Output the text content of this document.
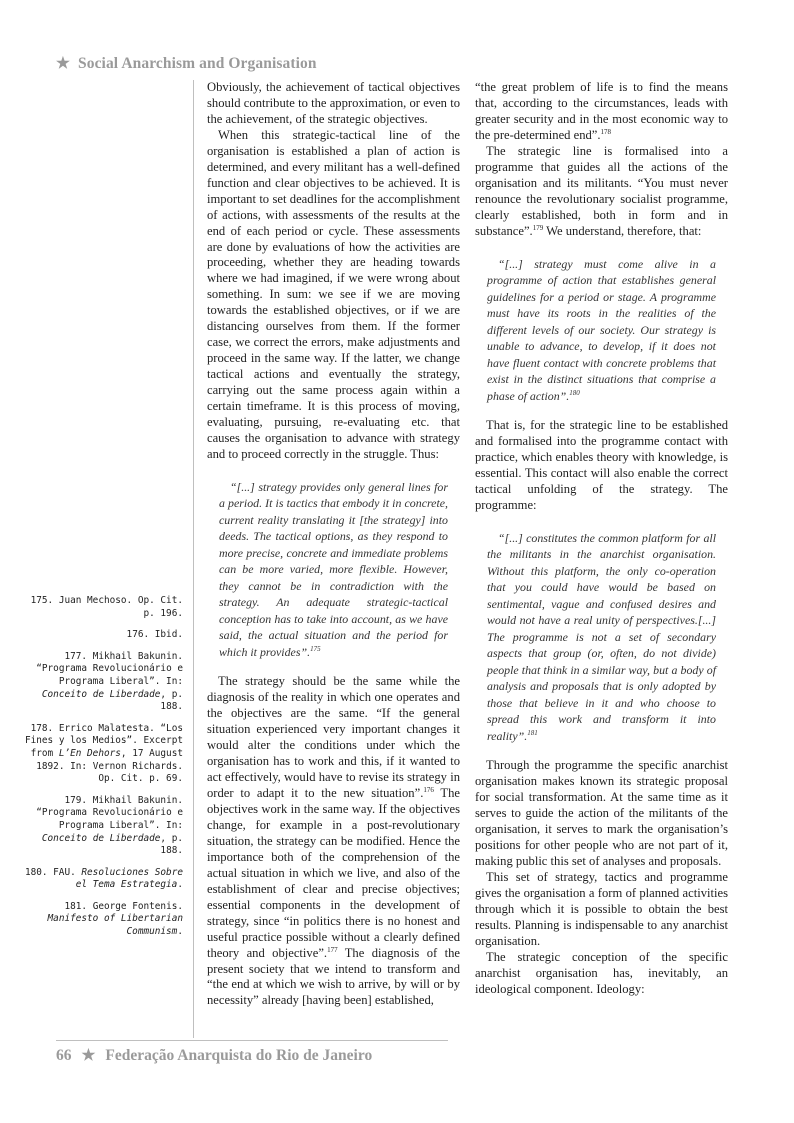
★ Social Anarchism and Organisation
175. Juan Mechoso. Op. Cit. p. 196.
176. Ibid.
177. Mikhail Bakunin. “Programa Revolucionário e Programa Liberal”. In: Conceito de Liberdade, p. 188.
178. Errico Malatesta. “Los Fines y los Medios”. Excerpt from L’En Dehors, 17 August 1892. In: Vernon Richards. Op. Cit. p. 69.
179. Mikhail Bakunin. “Programa Revolucionário e Programa Liberal”. In: Conceito de Liberdade, p. 188.
180. FAU. Resoluciones Sobre el Tema Estrategia.
181. George Fontenis. Manifesto of Libertarian Communism.

Obviously, the achievement of tactical objectives should contribute to the approximation, or even to the achievement, of the strategic objectives.

When this strategic-tactical line of the organisation is established a plan of action is determined, and every militant has a well-defined function and clear objectives to be achieved. It is important to set deadlines for the accomplishment of actions, with assessments of the results at the end of each period or cycle. These assessments are done by evaluations of how the activities are proceeding, whether they are heading towards where we had imagined, if we were wrong about something. In sum: we see if we are moving towards the established objectives, or if we are distancing ourselves from them. If the former case, we correct the errors, make adjustments and proceed in the same way. If the latter, we change tactical actions and eventually the strategy, carrying out the same process again within a certain timeframe. It is this process of moving, evaluating, pursuing, re-evaluating etc. that causes the organisation to advance with strategy and to proceed correctly in the struggle. Thus:

“[...] strategy provides only general lines for a period. It is tactics that embody it in concrete, current reality translating it [the strategy] into deeds. The tactical options, as they respond to more precise, concrete and immediate problems can be more varied, more flexible. However, they cannot be in contradiction with the strategy. An adequate strategic-tactical conception has to take into account, as we have said, the actual situation and the period for which it provides”.$^{175}$

The strategy should be the same while the diagnosis of the reality in which one operates and the objectives are the same. “If the general situation experienced very important changes it would alter the conditions under which the organisation has to work and this, if it wanted to act effectively, would have to revise its strategy in order to adapt it to the new situation”.$^{176}$ The objectives work in the same way. If the objectives change, for example in a post-revolutionary situation, the strategy can be modified. Hence the importance both of the comprehension of the actual situation in which we live, and also of the establishment of clear and precise objectives; essential components in the development of strategy, since “in politics there is no honest and useful practice possible without a clearly defined theory and objective”.$^{177}$ The diagnosis of the present society that we intend to transform and “the end at which we wish to arrive, by will or by necessity” already [having been] established,

“the great problem of life is to find the means that, according to the circumstances, leads with greater security and in the most economic way to the pre-determined end”.$^{178}$

The strategic line is formalised into a programme that guides all the actions of the organisation and its militants. “You must never renounce the revolutionary socialist programme, clearly established, both in form and in substance”.$^{179}$ We understand, therefore, that:

“[...] strategy must come alive in a programme of action that establishes general guidelines for a period or stage. A programme must have its roots in the realities of the different levels of our society. Our strategy is unable to advance, to develop, if it does not have fluent contact with concrete problems that exist in the distinct situations that comprise a phase of action”.$^{180}$

That is, for the strategic line to be established and formalised into the programme contact with practice, which enables theory with knowledge, is essential. This contact will also enable the correct tactical unfolding of the strategy. The programme:

“[...] constitutes the common platform for all the militants in the anarchist organisation. Without this platform, the only co-operation that you could have would be based on sentimental, vague and confused desires and would not have a real unity of perspectives.[...] The programme is not a set of secondary aspects that group (or, often, do not divide) people that think in a similar way, but a body of analysis and proposals that is only adopted by those that believe in it and who choose to spread this work and transform it into reality”.$^{181}$

Through the programme the specific anarchist organisation makes known its strategic proposal for social transformation. At the same time as it serves to guide the action of the militants of the organisation, it serves to mark the organisation’s positions for other people who are not part of it, making public this set of analyses and proposals.

This set of strategy, tactics and programme gives the organisation a form of planned activities through which it is possible to obtain the best results. Planning is indispensable to any anarchist organisation.

The strategic conception of the specific anarchist organisation has, inevitably, an ideological component. Ideology:

66 ★ Federação Anarquista do Rio de Janeiro
